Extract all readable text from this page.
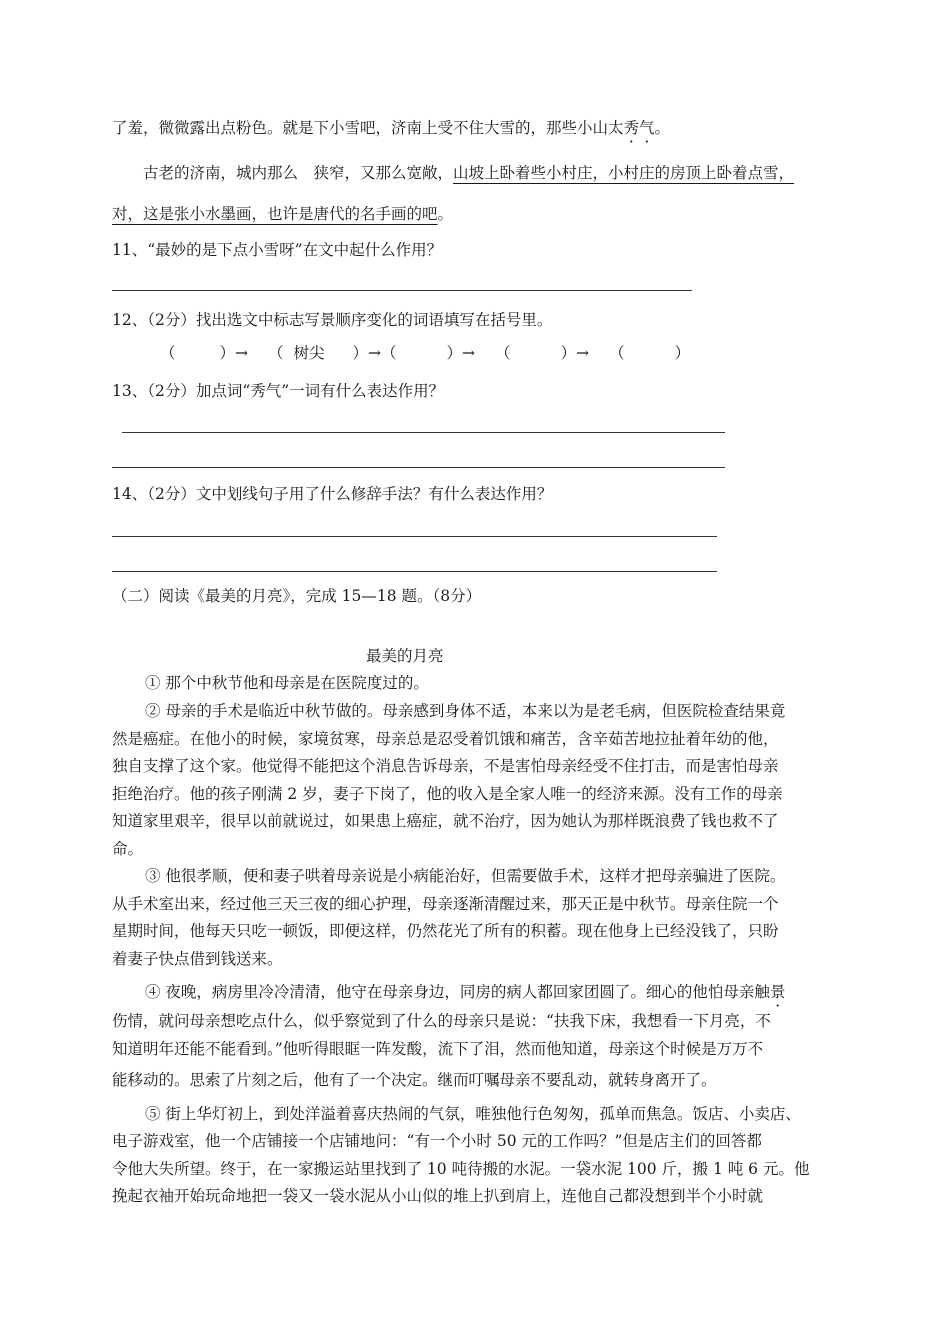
了羞，微微露出点粉色。就是下小雪吧，济南上受不住大雪的，那些小山太秀气。
古老的济南，城内那么　狭窄，又那么宽敞，山坡上卧着些小村庄，小村庄的房顶上卧着点雪，
对，这是张小水墨画，也许是唐代的名手画的吧。
11、“最妙的是下点小雪呀”在文中起什么作用？
12、（2分）找出选文中标志写景顺序变化的词语填写在括号里。
（	）→ （ 树尖 ）→（	）→ （	）→ （	）
13、（2分）加点词“秀气”一词有什么表达作用？
14、（2分）文中划线句子用了什么修辞手法？有什么表达作用？
（二）阅读《最美的月亮》，完成 15—18 题。（8分）
最美的月亮
① 那个中秋节他和母亲是在医院度过的。
② 母亲的手术是临近中秋节做的。母亲感到身体不适，本来以为是老毛病，但医院检查结果竟
然是癌症。在他小的时候，家境贫寒，母亲总是忍受着饥饿和痛苦，含辛茹苦地拉扯着年幼的他，
独自支撑了这个家。他觉得不能把这个消息告诉母亲，不是害怕母亲经受不住打击，而是害怕母亲
拒绝治疗。他的孩子刚满 2 岁，妻子下岗了，他的收入是全家人唯一的经济来源。没有工作的母亲
知道家里艰辛，很早以前就说过，如果患上癌症，就不治疗，因为她认为那样既浪费了钱也救不了
命。
③ 他很孝顺，便和妻子哄着母亲说是小病能治好，但需要做手术，这样才把母亲骗进了医院。
从手术室出来，经过他三天三夜的细心护理，母亲逐渐清醒过来，那天正是中秋节。母亲住院一个
星期时间，他每天只吃一顿饭，即便这样，仍然花光了所有的积蓄。现在他身上已经没钱了，只盼
着妻子快点借到钱送来。
④ 夜晚，病房里冷冷清清，他守在母亲身边，同房的病人都回家团圆了。细心的他怕母亲触景
伤情，就问母亲想吃点什么，似乎察觉到了什么的母亲只是说：“扶我下床，我想看一下月亮，不
知道明年还能不能看到。”他听得眼眶一阵发酸，流下了泪，然而他知道，母亲这个时候是万万不
能移动的。思索了片刻之后，他有了一个决定。继而叮嘱母亲不要乱动，就转身离开了。
⑤ 街上华灯初上，到处洋溢着喜庆热闹的气氛，唯独他行色匆匆，孤单而焦急。饭店、小卖店、
电子游戏室，他一个店铺接一个店铺地问：“有一个小时 50 元的工作吗？”但是店主们的回答都
令他大失所望。终于，在一家搬运站里找到了 10 吨待搬的水泥。一袋水泥 100 斤，搬 1 吨 6 元。他
挽起衣袖开始玩命地把一袋又一袋水泥从小山似的堆上扒到肩上，连他自己都没想到半个小时就
